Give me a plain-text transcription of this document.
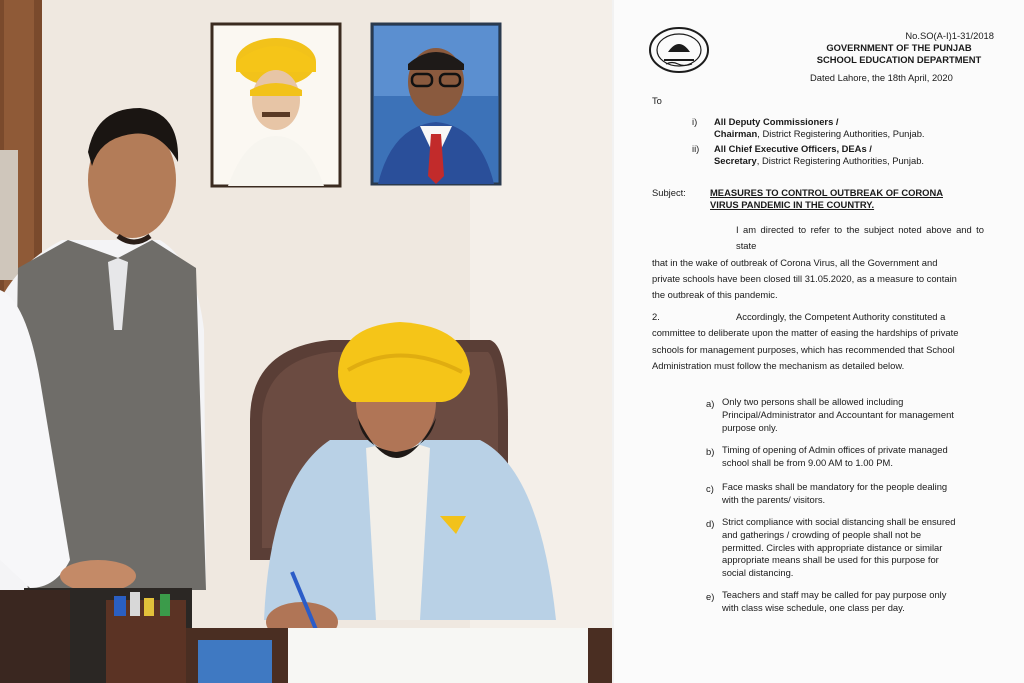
No.SO(A-I)1-31/2018
GOVERNMENT OF THE PUNJAB
SCHOOL EDUCATION DEPARTMENT
Dated Lahore, the 18th April, 2020
To
i) All Deputy Commissioners /
Chairman, District Registering Authorities, Punjab.
ii) All Chief Executive Officers, DEAs /
Secretary, District Registering Authorities, Punjab.
Subject:	MEASURES TO CONTROL OUTBREAK OF CORONA
VIRUS PANDEMIC IN THE COUNTRY.

I am directed to refer to the subject noted above and to state

that in the wake of outbreak of Corona Virus, all the Government and

private schools have been closed till 31.05.2020, as a measure to contain

the outbreak of this pandemic.

2.	Accordingly, the Competent Authority constituted a

committee to deliberate upon the matter of easing the hardships of private

schools for management purposes, which has recommended that School

Administration must follow the mechanism as detailed below.

a) Only two persons shall be allowed including
Principal/Administrator and Accountant for management
purpose only.
b) Timing of opening of Admin offices of private managed
school shall be from 9.00 AM to 1.00 PM.
c) Face masks shall be mandatory for the people dealing
with the parents/ visitors.
d) Strict compliance with social distancing shall be ensured
and gatherings / crowding of people shall not be
permitted. Circles with appropriate distance or similar
appropriate means shall be used for this purpose for
social distancing.
e) Teachers and staff may be called for pay purpose only
with class wise schedule, one class per day.
